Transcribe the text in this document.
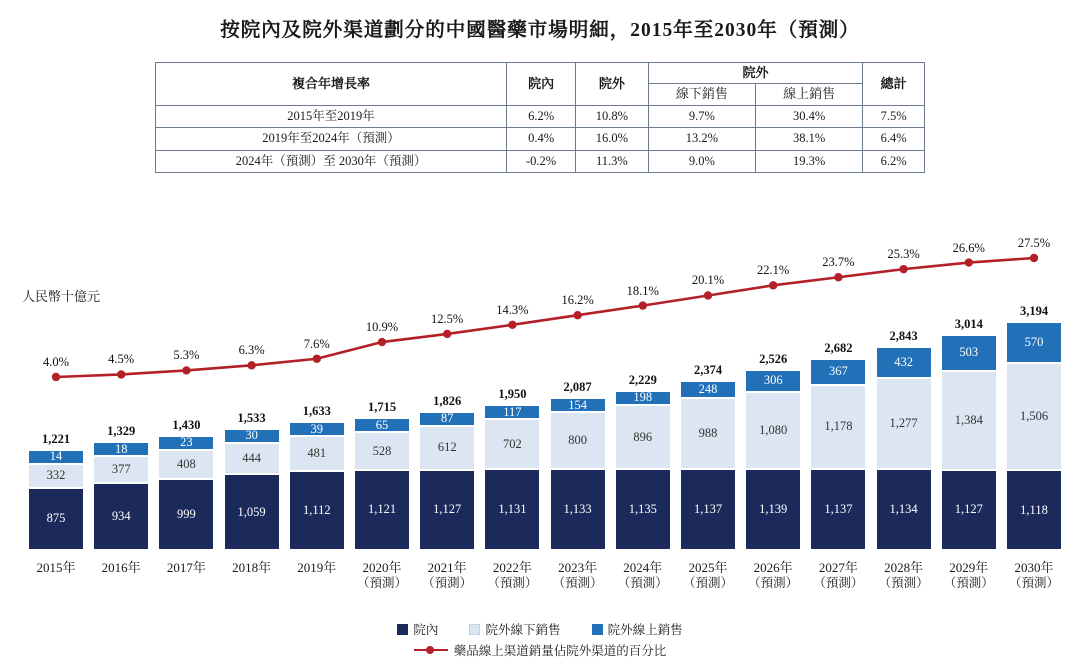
按院內及院外渠道劃分的中國醫藥市場明細，2015年至2030年（預測）
複合年增長率	院內	院外	院外		總計
			線下銷售	線上銷售	
2015年至2019年	6.2%	10.8%	9.7%	30.4%	7.5%
2019年至2024年（預測）	0.4%	16.0%	13.2%	38.1%	6.4%
2024年（預測）至 2030年（預測）	-0.2%	11.3%	9.0%	19.3%	6.2%
人民幣十億元
875
332
14
1,221
934
377
18
1,329
999
408
23
1,430
1,059
444
30
1,533
1,112
481
39
1,633
1,121
528
65
1,715
1,127
612
87
1,826
1,131
702
117
1,950
1,133
800
154
2,087
1,135
896
198
2,229
1,137
988
248
2,374
1,139
1,080
306
2,526
1,137
1,178
367
2,682
1,134
1,277
432
2,843
1,127
1,384
503
3,014
1,118
1,506
570
3,194
4.0%	4.5%	5.3%	6.3%	7.6%
10.9%
12.5%
14.3%
16.2%
18.1%
20.1%
22.1%
23.7%
25.3%	26.6%	27.5%
2015年	2016年	2017年	2018年	2019年	2020年
（預測）
2021年
（預測）
2022年
（預測）
2023年
（預測）
2024年
（預測）
2025年
（預測）
2026年
（預測）
2027年
（預測）
2028年
（預測）
2029年
（預測）
2030年
（預測）
院內	院外線下銷售	院外線上銷售
藥品線上渠道銷量佔院外渠道的百分比
